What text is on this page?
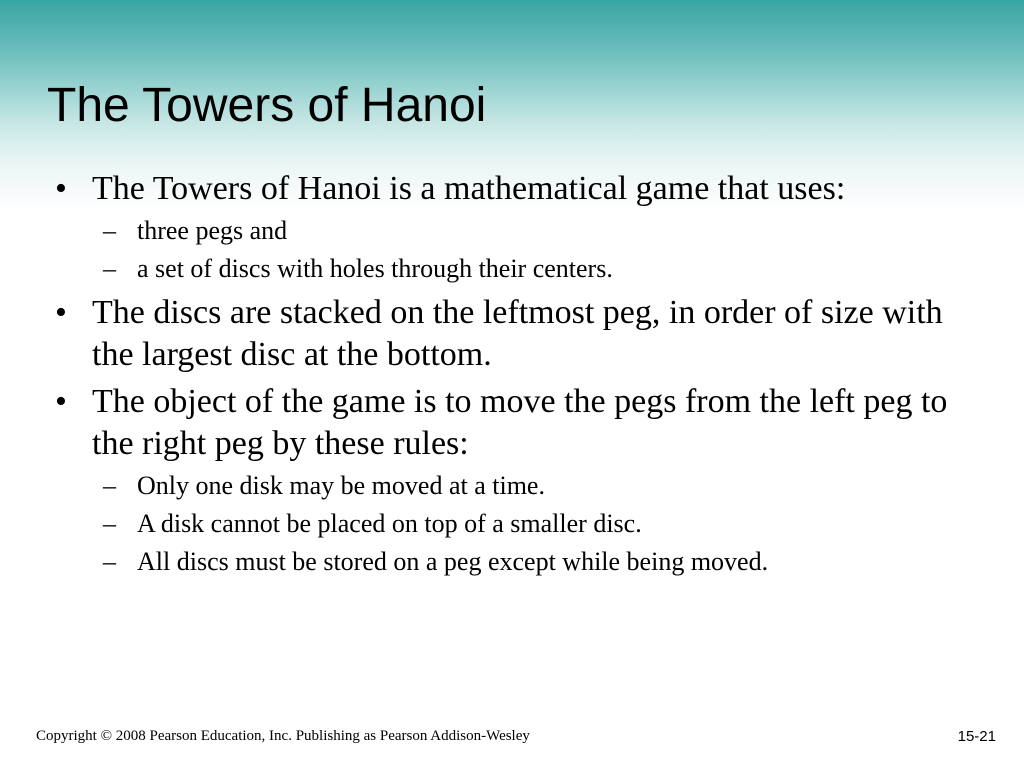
The Towers of Hanoi
• The Towers of Hanoi is a mathematical game that uses:
– three pegs and
– a set of discs with holes through their centers.
• The discs are stacked on the leftmost peg, in order of size with the largest disc at the bottom.
• The object of the game is to move the pegs from the left peg to the right peg by these rules:
– Only one disk may be moved at a time.
– A disk cannot be placed on top of a smaller disc.
– All discs must be stored on a peg except while being moved.
Copyright © 2008 Pearson Education, Inc. Publishing as Pearson Addison-Wesley	15-21
